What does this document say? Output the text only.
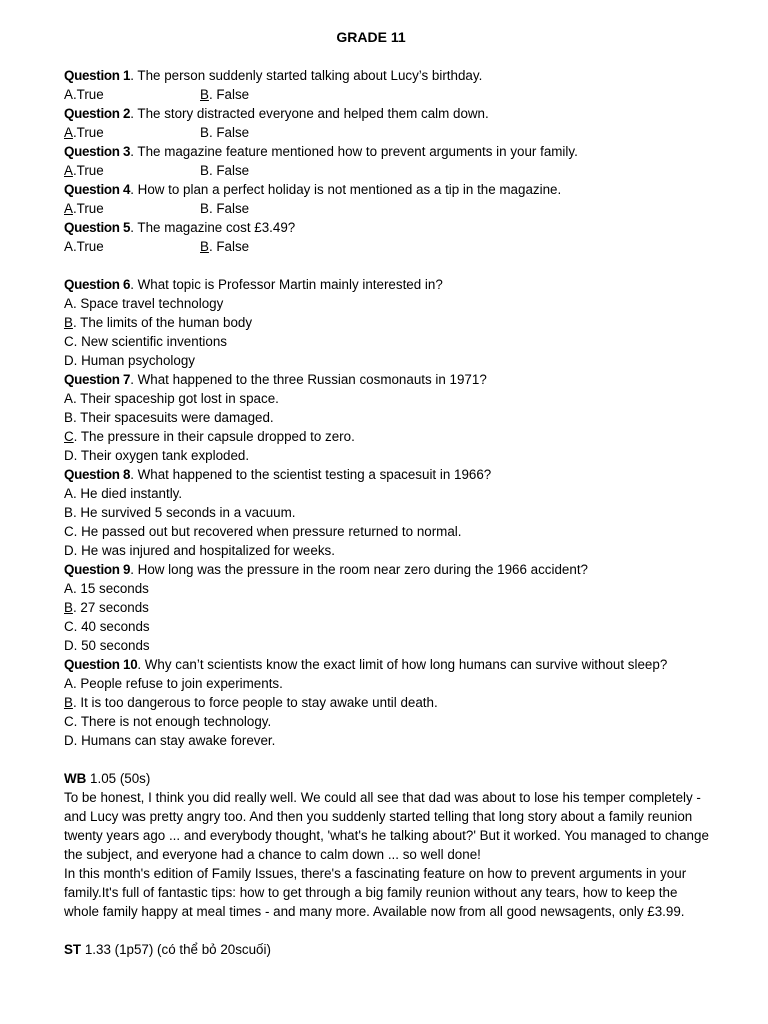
GRADE 11
Question 1. The person suddenly started talking about Lucy’s birthday.
A.True	B. False
Question 2. The story distracted everyone and helped them calm down.
A.True	B. False
Question 3. The magazine feature mentioned how to prevent arguments in your family.
A.True	B. False
Question 4. How to plan a perfect holiday is not mentioned as a tip in the magazine.
A.True	B. False
Question 5. The magazine cost £3.49?
A.True	B. False
Question 6. What topic is Professor Martin mainly interested in?
A. Space travel technology
B. The limits of the human body
C. New scientific inventions
D. Human psychology
Question 7. What happened to the three Russian cosmonauts in 1971?
A. Their spaceship got lost in space.
B. Their spacesuits were damaged.
C. The pressure in their capsule dropped to zero.
D. Their oxygen tank exploded.
Question 8. What happened to the scientist testing a spacesuit in 1966?
A. He died instantly.
B. He survived 5 seconds in a vacuum.
C. He passed out but recovered when pressure returned to normal.
D. He was injured and hospitalized for weeks.
Question 9. How long was the pressure in the room near zero during the 1966 accident?
A. 15 seconds
B. 27 seconds
C. 40 seconds
D. 50 seconds
Question 10. Why can’t scientists know the exact limit of how long humans can survive without sleep?
A. People refuse to join experiments.
B. It is too dangerous to force people to stay awake until death.
C. There is not enough technology.
D. Humans can stay awake forever.
WB 1.05 (50s)
To be honest, I think you did really well. We could all see that dad was about to lose his temper completely - and Lucy was pretty angry too. And then you suddenly started telling that long story about a family reunion twenty years ago ... and everybody thought, 'what's he talking about?' But it worked. You managed to change the subject, and everyone had a chance to calm down ... so well done!
In this month's edition of Family Issues, there's a fascinating feature on how to prevent arguments in your family.It's full of fantastic tips: how to get through a big family reunion without any tears, how to keep the whole family happy at meal times - and many more. Available now from all good newsagents, only £3.99.
ST 1.33 (1p57) (có thể bỏ 20scuối)
